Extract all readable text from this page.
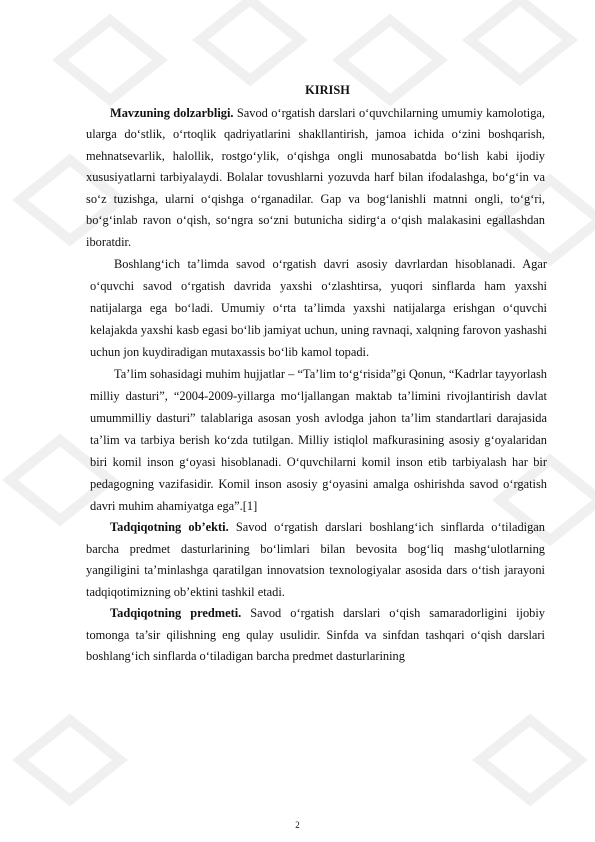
KIRISH

Mavzuning dolzarbligi. Savod o‘rgatish darslari o‘quvchilarning umumiy kamolotiga, ularga do‘stlik, o‘rtoqlik qadriyatlarini shakllantirish, jamoa ichida o‘zini boshqarish, mehnatsevarlik, halollik, rostgo‘ylik, o‘qishga ongli munosabatda bo‘lish kabi ijodiy xususiyatlarni tarbiyalaydi. Bolalar tovushlarni yozuvda harf bilan ifodalashga, bo‘g‘in va so‘z tuzishga, ularni o‘qishga o‘rganadilar. Gap va bog‘lanishli matnni ongli, to‘g‘ri, bo‘g‘inlab ravon o‘qish, so‘ngra so‘zni butunicha sidirg‘a o‘qish malakasini egallashdan iboratdir.

Boshlang‘ich ta’limda savod o‘rgatish davri asosiy davrlardan hisoblanadi. Agar o‘quvchi savod o‘rgatish davrida yaxshi o‘zlashtirsa, yuqori sinflarda ham yaxshi natijalarga ega bo‘ladi. Umumiy o‘rta ta’limda yaxshi natijalarga erishgan o‘quvchi kelajakda yaxshi kasb egasi bo‘lib jamiyat uchun, uning ravnaqi, xalqning farovon yashashi uchun jon kuydiradigan mutaxassis bo‘lib kamol topadi.

Ta’lim sohasidagi muhim hujjatlar – “Ta’lim to‘g‘risida”gi Qonun, “Kadrlar tayyorlash milliy dasturi”, “2004-2009-yillarga mo‘ljallangan maktab ta’limini rivojlantirish davlat umummilliy dasturi” talablariga asosan yosh avlodga jahon ta’lim standartlari darajasida ta’lim va tarbiya berish ko‘zda tutilgan. Milliy istiqlol mafkurasining asosiy g‘oyalaridan biri komil inson g‘oyasi hisoblanadi. O‘quvchilarni komil inson etib tarbiyalash har bir pedagogning vazifasidir. Komil inson asosiy g‘oyasini amalga oshirishda savod o‘rgatish davri muhim ahamiyatga ega”.[1]

Tadqiqotning ob’ekti. Savod o‘rgatish darslari boshlang‘ich sinflarda o‘tiladigan barcha predmet dasturlarining bo‘limlari bilan bevosita bog‘liq mashg‘ulotlarning yangiligini ta’minlashga qaratilgan innovatsion texnologiyalar asosida dars o‘tish jarayoni tadqiqotimizning ob’ektini tashkil etadi.

Tadqiqotning predmeti. Savod o‘rgatish darslari o‘qish samaradorligini ijobiy tomonga ta’sir qilishning eng qulay usulidir. Sinfda va sinfdan tashqari o‘qish darslari boshlang‘ich sinflarda o‘tiladigan barcha predmet dasturlarining

2
